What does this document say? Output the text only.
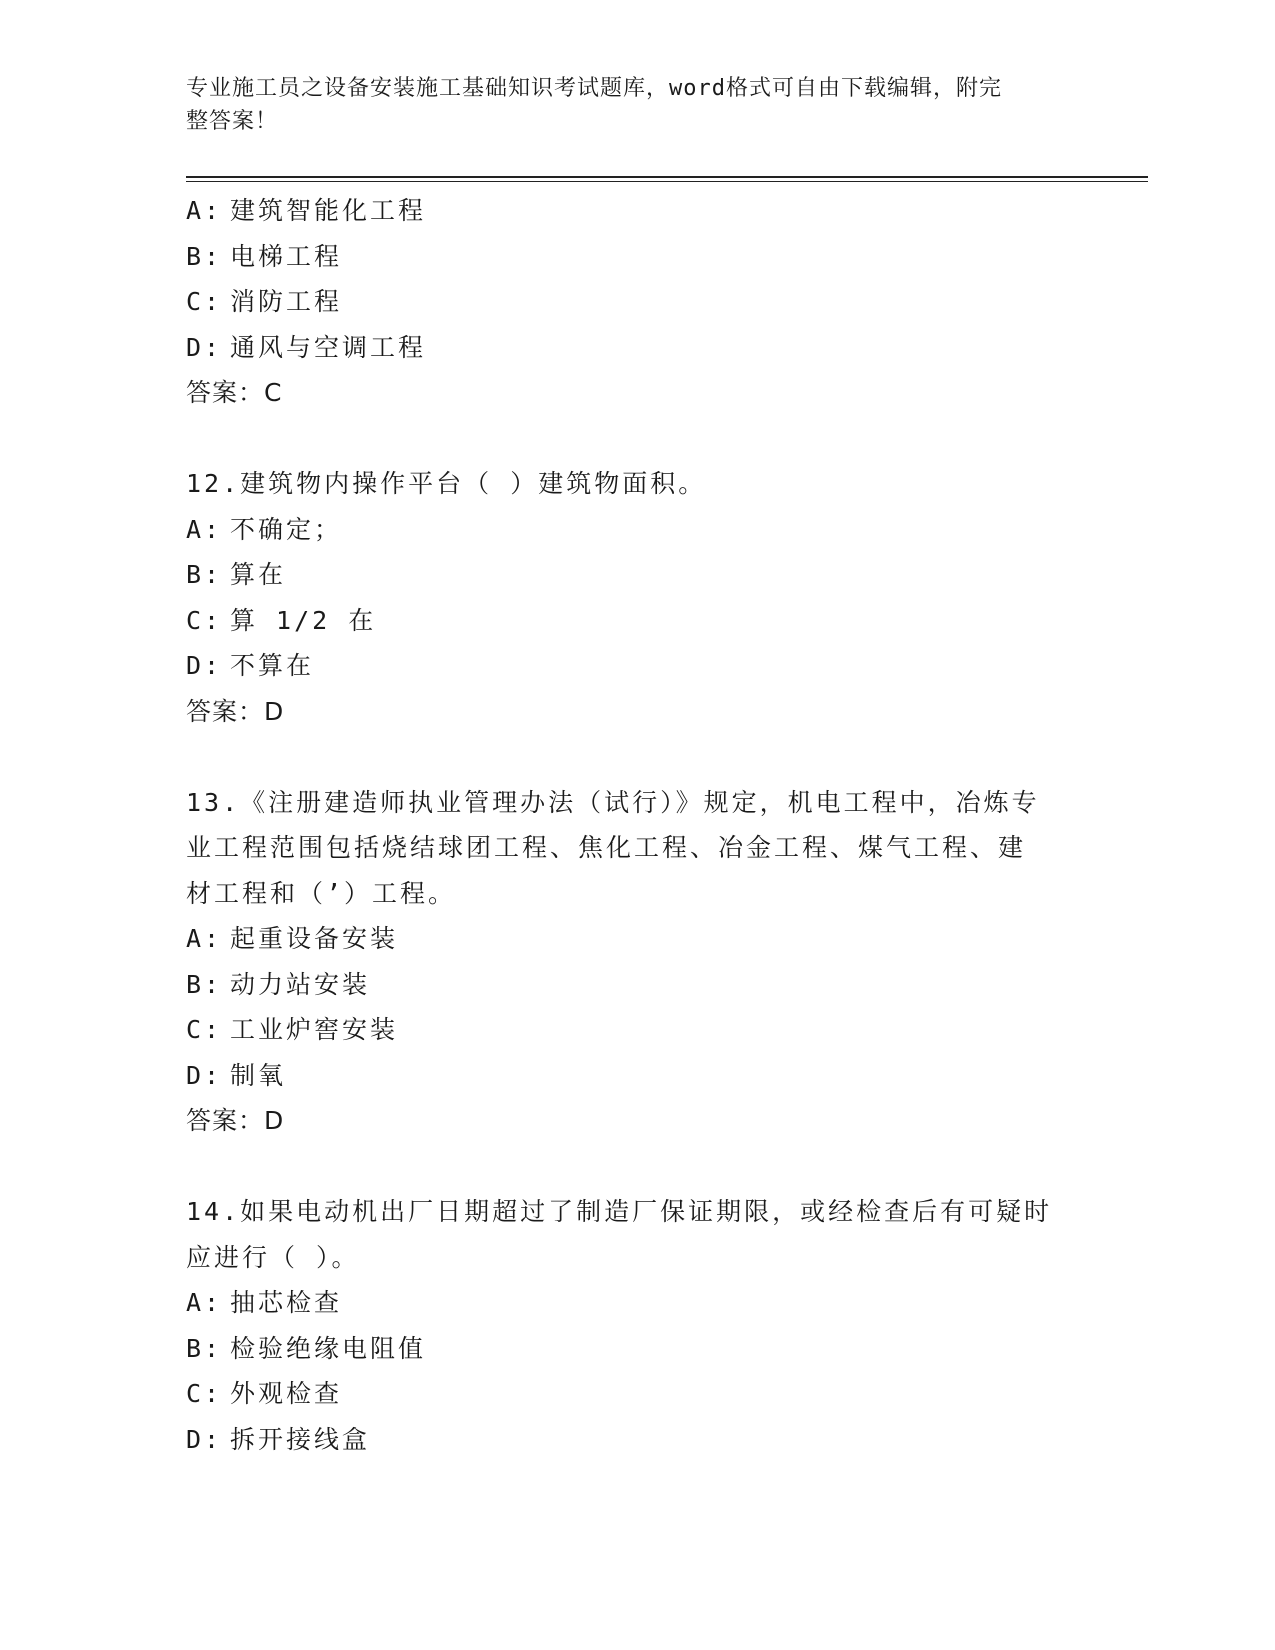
专业施工员之设备安装施工基础知识考试题库，word格式可自由下载编辑，附完
整答案！
A: 建筑智能化工程
B: 电梯工程
C: 消防工程
D: 通风与空调工程
答案：C
12.建筑物内操作平台（ ）建筑物面积。
A: 不确定；
B: 算在
C: 算 1/2 在
D: 不算在
答案：D
13.《注册建造师执业管理办法（试行）》规定，机电工程中，冶炼专
业工程范围包括烧结球团工程、焦化工程、冶金工程、煤气工程、建
材工程和（’）工程。
A: 起重设备安装
B: 动力站安装
C: 工业炉窖安装
D: 制氧
答案：D
14.如果电动机出厂日期超过了制造厂保证期限，或经检查后有可疑时
应进行（ ）。
A: 抽芯检查
B: 检验绝缘电阻值
C: 外观检查
D: 拆开接线盒
